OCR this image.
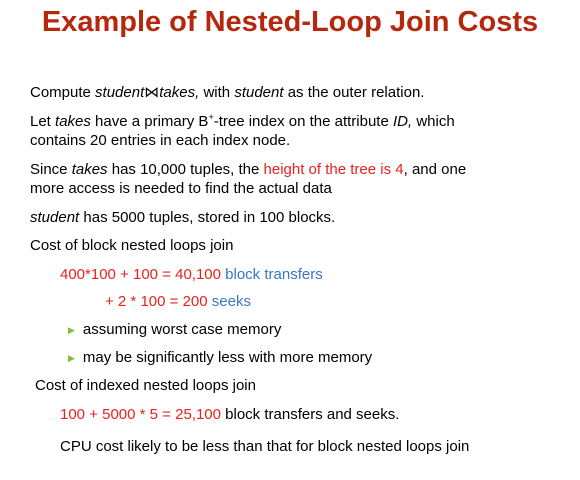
Example of Nested-Loop Join Costs
Compute student⋈takes, with student as the outer relation.
Let takes have a primary B+-tree index on the attribute ID, which
contains 20 entries in each index node.
Since takes has 10,000 tuples, the height of the tree is 4, and one
more access is needed to find the actual data
student has 5000 tuples, stored in 100 blocks.
Cost of block nested loops join
400*100 + 100 = 40,100 block transfers
+ 2 * 100 = 200 seeks
▶ assuming worst case memory
▶ may be significantly less with more memory
Cost of indexed nested loops join
100 + 5000 * 5 = 25,100 block transfers and seeks.
CPU cost likely to be less than that for block nested loops join
